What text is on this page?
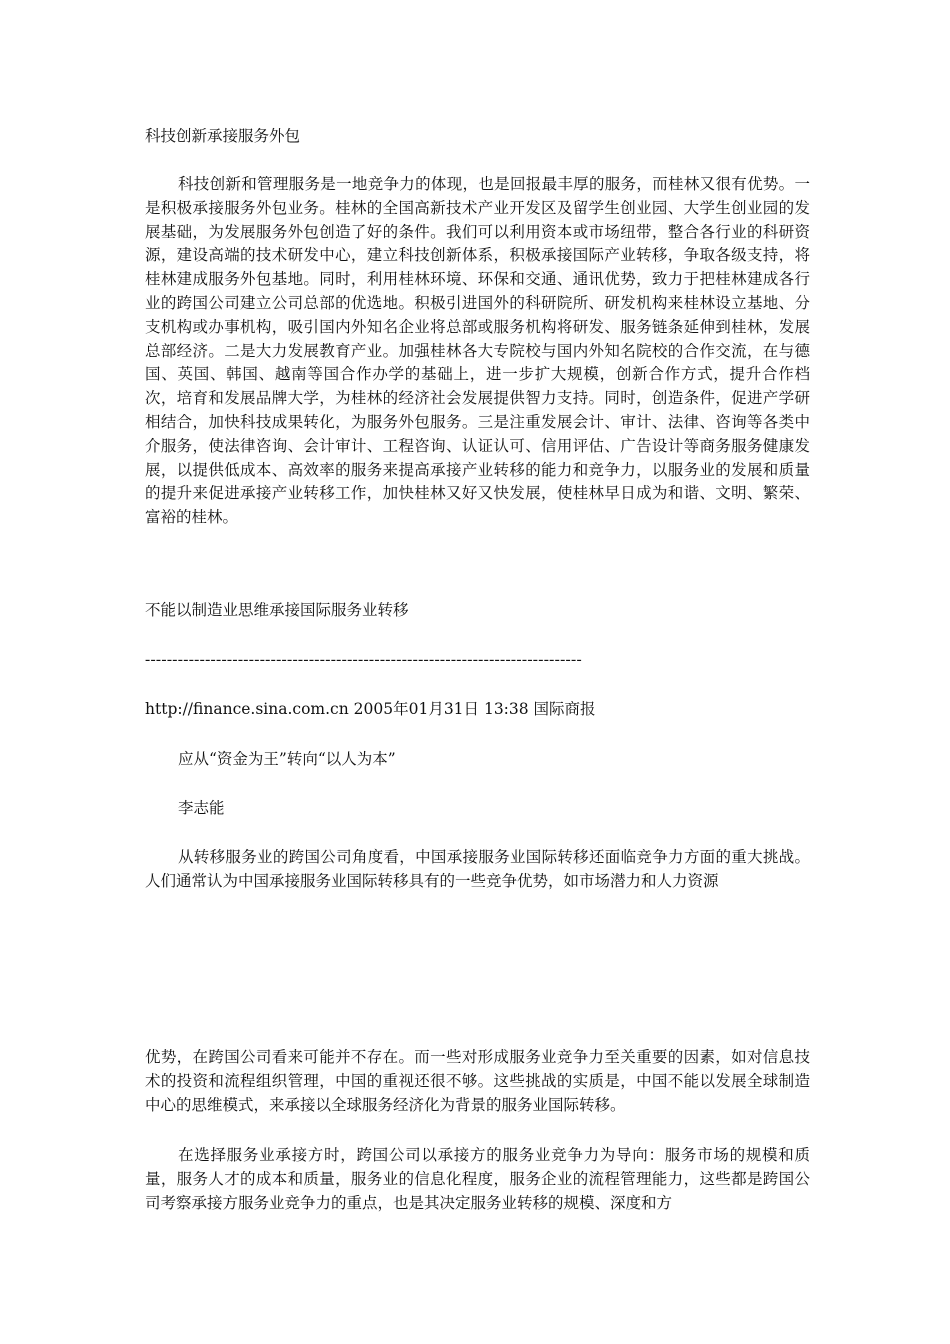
科技创新承接服务外包

科技创新和管理服务是一地竞争力的体现，也是回报最丰厚的服务，而桂林又很有优势。一是积极承接服务外包业务。桂林的全国高新技术产业开发区及留学生创业园、大学生创业园的发展基础，为发展服务外包创造了好的条件。我们可以利用资本或市场纽带，整合各行业的科研资源，建设高端的技术研发中心，建立科技创新体系，积极承接国际产业转移，争取各级支持，将桂林建成服务外包基地。同时，利用桂林环境、环保和交通、通讯优势，致力于把桂林建成各行业的跨国公司建立公司总部的优选地。积极引进国外的科研院所、研发机构来桂林设立基地、分支机构或办事机构，吸引国内外知名企业将总部或服务机构将研发、服务链条延伸到桂林，发展总部经济。二是大力发展教育产业。加强桂林各大专院校与国内外知名院校的合作交流，在与德国、英国、韩国、越南等国合作办学的基础上，进一步扩大规模，创新合作方式，提升合作档次，培育和发展品牌大学，为桂林的经济社会发展提供智力支持。同时，创造条件，促进产学研相结合，加快科技成果转化，为服务外包服务。三是注重发展会计、审计、法律、咨询等各类中介服务，使法律咨询、会计审计、工程咨询、认证认可、信用评估、广告设计等商务服务健康发展，以提供低成本、高效率的服务来提高承接产业转移的能力和竞争力，以服务业的发展和质量的提升来促进承接产业转移工作，加快桂林又好又快发展，使桂林早日成为和谐、文明、繁荣、富裕的桂林。

不能以制造业思维承接国际服务业转移

--------------------------------------------------------------------------------

http://finance.sina.com.cn 2005年01月31日 13:38 国际商报

应从“资金为王”转向“以人为本”

李志能

从转移服务业的跨国公司角度看，中国承接服务业国际转移还面临竞争力方面的重大挑战。人们通常认为中国承接服务业国际转移具有的一些竞争优势，如市场潜力和人力资源

优势，在跨国公司看来可能并不存在。而一些对形成服务业竞争力至关重要的因素，如对信息技术的投资和流程组织管理，中国的重视还很不够。这些挑战的实质是，中国不能以发展全球制造中心的思维模式，来承接以全球服务经济化为背景的服务业国际转移。

在选择服务业承接方时，跨国公司以承接方的服务业竞争力为导向：服务市场的规模和质量，服务人才的成本和质量，服务业的信息化程度，服务企业的流程管理能力，这些都是跨国公司考察承接方服务业竞争力的重点，也是其决定服务业转移的规模、深度和方
